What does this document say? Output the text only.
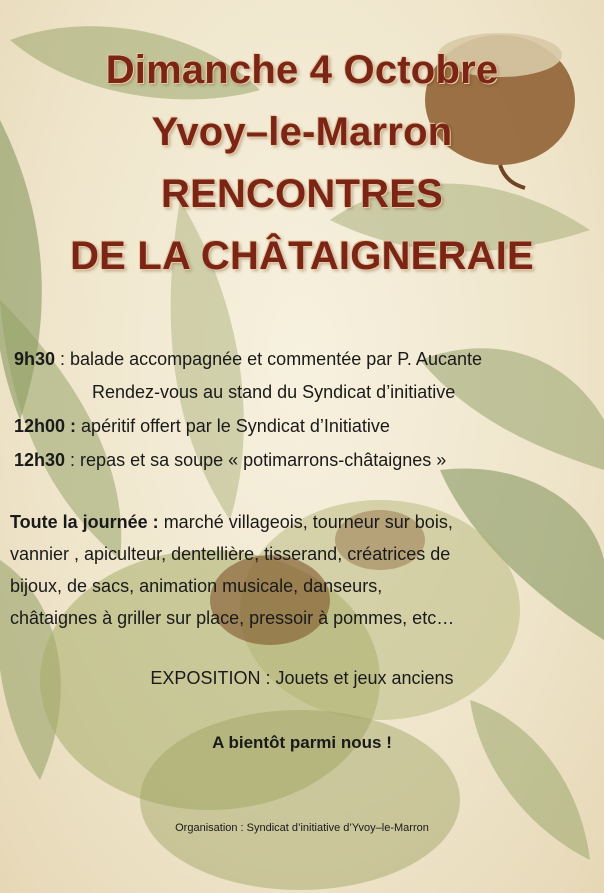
Dimanche 4 Octobre
Yvoy–le-Marron
RENCONTRES
DE LA CHÂTAIGNERAIE
9h30 : balade accompagnée et commentée par P. Aucante
Rendez-vous au stand du Syndicat d’initiative
12h00 : apéritif offert par le Syndicat d’Initiative
12h30 : repas et sa soupe « potimarrons-châtaignes »
Toute la journée : marché villageois, tourneur sur bois,
vannier , apiculteur, dentellière, tisserand, créatrices de
bijoux, de sacs, animation musicale, danseurs,
châtaignes à griller sur place, pressoir à pommes, etc…
EXPOSITION : Jouets et jeux anciens
A bientôt parmi nous !
Organisation : Syndicat d’initiative d’Yvoy–le-Marron
